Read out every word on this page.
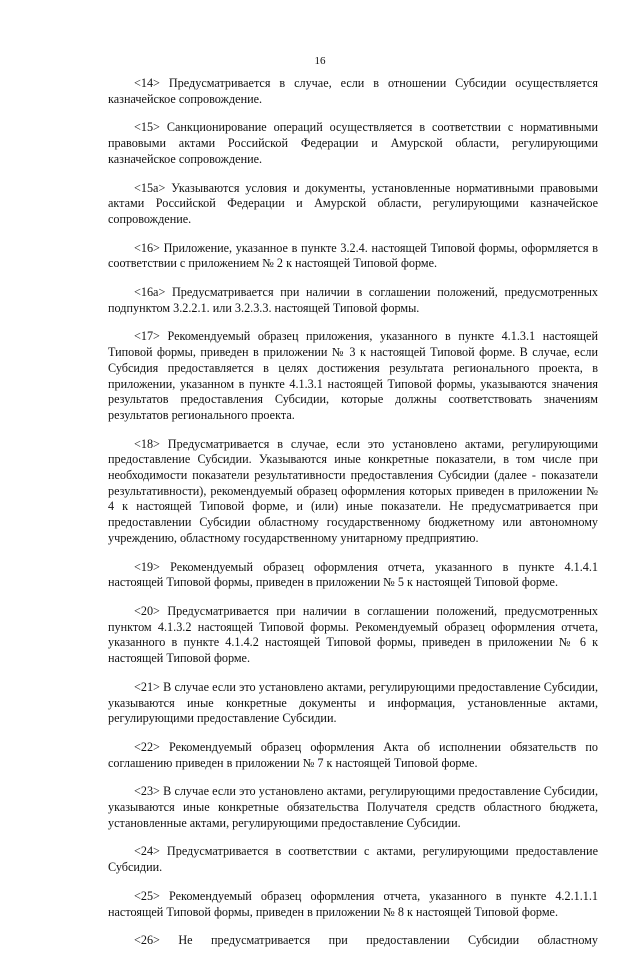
16

<14> Предусматривается в случае, если в отношении Субсидии осуществляется казначейское сопровождение.

<15> Санкционирование операций осуществляется в соответствии с нормативными правовыми актами Российской Федерации и Амурской области, регулирующими казначейское сопровождение.

<15а> Указываются условия и документы, установленные нормативными правовыми актами Российской Федерации и Амурской области, регулирующими казначейское сопровождение.

<16> Приложение, указанное в пункте 3.2.4. настоящей Типовой формы, оформляется в соответствии с приложением № 2 к настоящей Типовой форме.

<16а> Предусматривается при наличии в соглашении положений, предусмотренных подпунктом 3.2.2.1. или 3.2.3.3. настоящей Типовой формы.

<17> Рекомендуемый образец приложения, указанного в пункте 4.1.3.1 настоящей Типовой формы, приведен в приложении № 3 к настоящей Типовой форме. В случае, если Субсидия предоставляется в целях достижения результата регионального проекта, в приложении, указанном в пункте 4.1.3.1 настоящей Типовой формы, указываются значения результатов предоставления Субсидии, которые должны соответствовать значениям результатов регионального проекта.

<18> Предусматривается в случае, если это установлено актами, регулирующими предоставление Субсидии. Указываются иные конкретные показатели, в том числе при необходимости показатели результативности предоставления Субсидии (далее - показатели результативности), рекомендуемый образец оформления которых приведен в приложении № 4 к настоящей Типовой форме, и (или) иные показатели. Не предусматривается при предоставлении Субсидии областному государственному бюджетному или автономному учреждению, областному государственному унитарному предприятию.

<19> Рекомендуемый образец оформления отчета, указанного в пункте 4.1.4.1 настоящей Типовой формы, приведен в приложении № 5 к настоящей Типовой форме.

<20> Предусматривается при наличии в соглашении положений, предусмотренных пунктом 4.1.3.2 настоящей Типовой формы. Рекомендуемый образец оформления отчета, указанного в пункте 4.1.4.2 настоящей Типовой формы, приведен в приложении № 6 к настоящей Типовой форме.

<21> В случае если это установлено актами, регулирующими предоставление Субсидии, указываются иные конкретные документы и информация, установленные актами, регулирующими предоставление Субсидии.

<22> Рекомендуемый образец оформления Акта об исполнении обязательств по соглашению приведен в приложении № 7 к настоящей Типовой форме.

<23> В случае если это установлено актами, регулирующими предоставление Субсидии, указываются иные конкретные обязательства Получателя средств областного бюджета, установленные актами, регулирующими предоставление Субсидии.

<24> Предусматривается в соответствии с актами, регулирующими предоставление Субсидии.

<25> Рекомендуемый образец оформления отчета, указанного в пункте 4.2.1.1.1 настоящей Типовой формы, приведен в приложении № 8 к настоящей Типовой форме.

<26> Не предусматривается при предоставлении Субсидии областному
